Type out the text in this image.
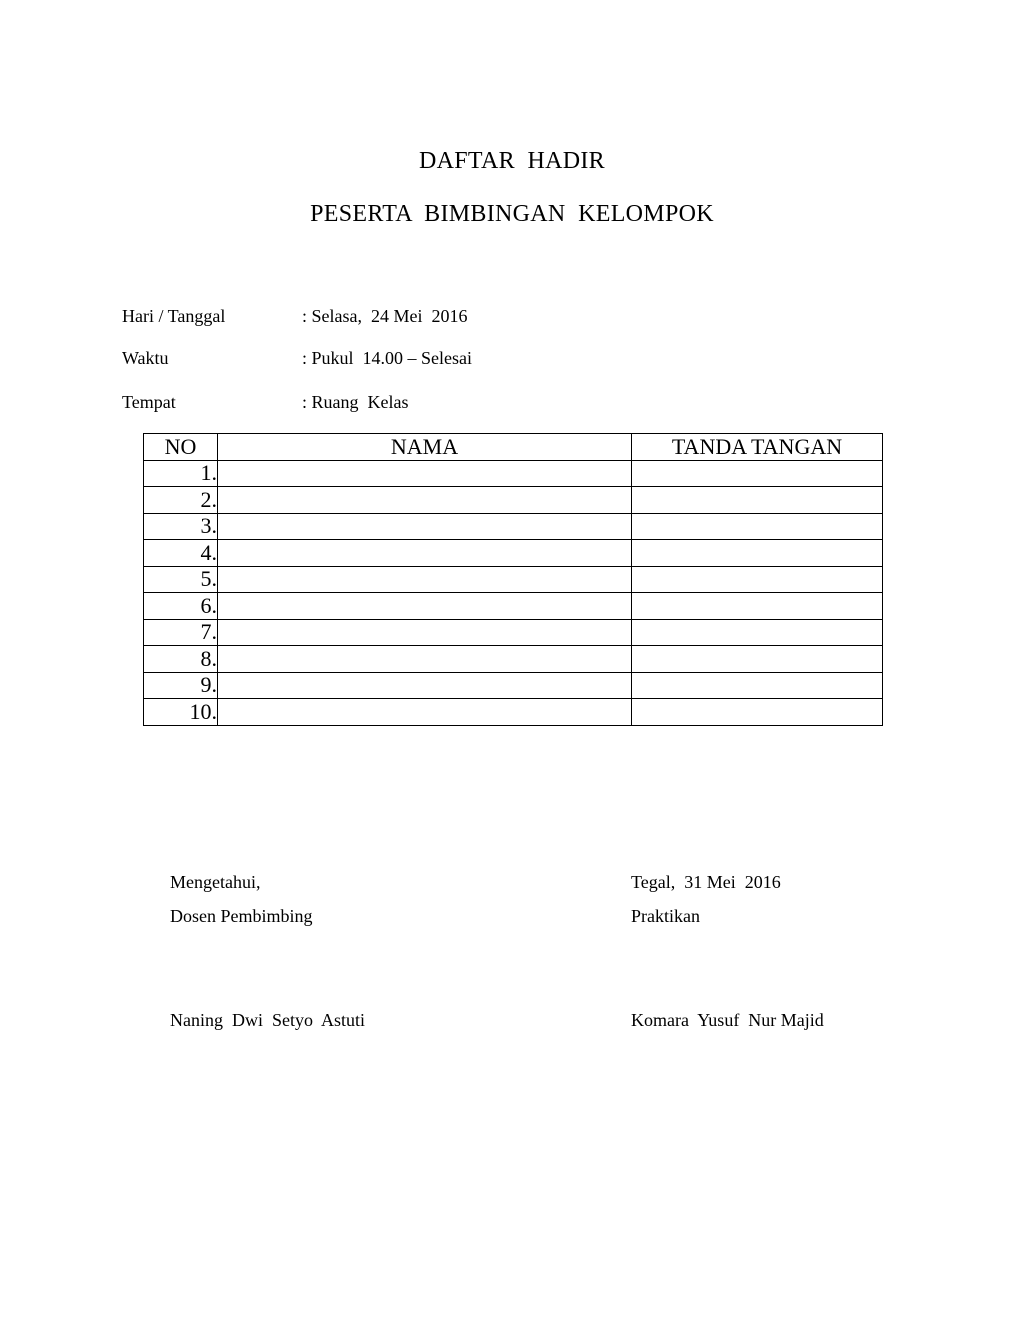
DAFTAR  HADIR
PESERTA  BIMBINGAN  KELOMPOK

Hari / Tanggal

	: Selasa,  24 Mei  2016

Waktu

	: Pukul  14.00 – Selesai

Tempat

	: Ruang  Kelas

NO	NAMA	TANDA TANGAN
1.		
2.		
3.		
4.		
5.		
6.		
7.		
8.		
9.		
10.		
Mengetahui,
Dosen Pembimbing
Naning  Dwi  Setyo  Astuti
Tegal,  31 Mei  2016
Praktikan
Komara  Yusuf  Nur Majid
